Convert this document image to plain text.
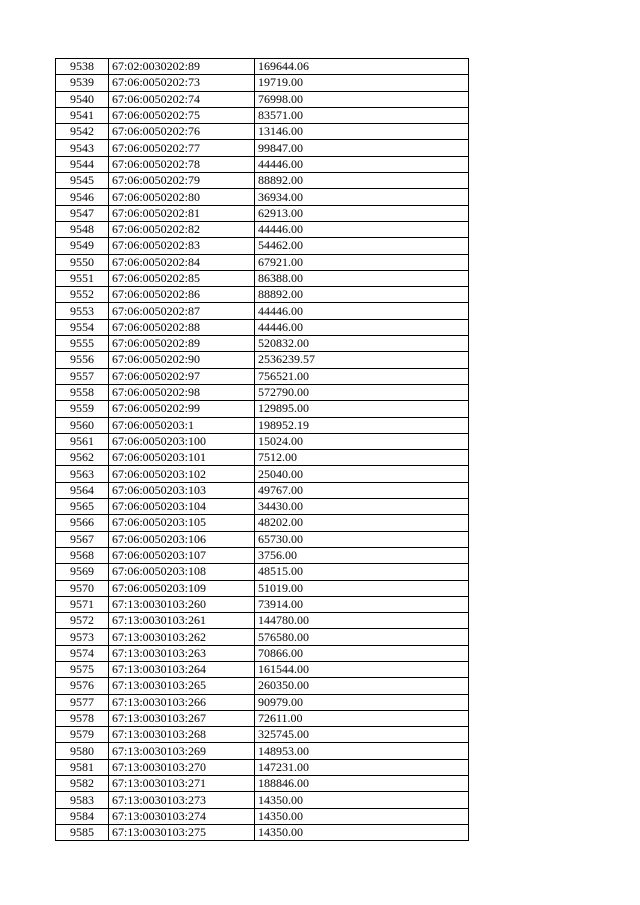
9538	67:02:0030202:89	169644.06
9539	67:06:0050202:73	19719.00
9540	67:06:0050202:74	76998.00
9541	67:06:0050202:75	83571.00
9542	67:06:0050202:76	13146.00
9543	67:06:0050202:77	99847.00
9544	67:06:0050202:78	44446.00
9545	67:06:0050202:79	88892.00
9546	67:06:0050202:80	36934.00
9547	67:06:0050202:81	62913.00
9548	67:06:0050202:82	44446.00
9549	67:06:0050202:83	54462.00
9550	67:06:0050202:84	67921.00
9551	67:06:0050202:85	86388.00
9552	67:06:0050202:86	88892.00
9553	67:06:0050202:87	44446.00
9554	67:06:0050202:88	44446.00
9555	67:06:0050202:89	520832.00
9556	67:06:0050202:90	2536239.57
9557	67:06:0050202:97	756521.00
9558	67:06:0050202:98	572790.00
9559	67:06:0050202:99	129895.00
9560	67:06:0050203:1	198952.19
9561	67:06:0050203:100	15024.00
9562	67:06:0050203:101	7512.00
9563	67:06:0050203:102	25040.00
9564	67:06:0050203:103	49767.00
9565	67:06:0050203:104	34430.00
9566	67:06:0050203:105	48202.00
9567	67:06:0050203:106	65730.00
9568	67:06:0050203:107	3756.00
9569	67:06:0050203:108	48515.00
9570	67:06:0050203:109	51019.00
9571	67:13:0030103:260	73914.00
9572	67:13:0030103:261	144780.00
9573	67:13:0030103:262	576580.00
9574	67:13:0030103:263	70866.00
9575	67:13:0030103:264	161544.00
9576	67:13:0030103:265	260350.00
9577	67:13:0030103:266	90979.00
9578	67:13:0030103:267	72611.00
9579	67:13:0030103:268	325745.00
9580	67:13:0030103:269	148953.00
9581	67:13:0030103:270	147231.00
9582	67:13:0030103:271	188846.00
9583	67:13:0030103:273	14350.00
9584	67:13:0030103:274	14350.00
9585	67:13:0030103:275	14350.00
